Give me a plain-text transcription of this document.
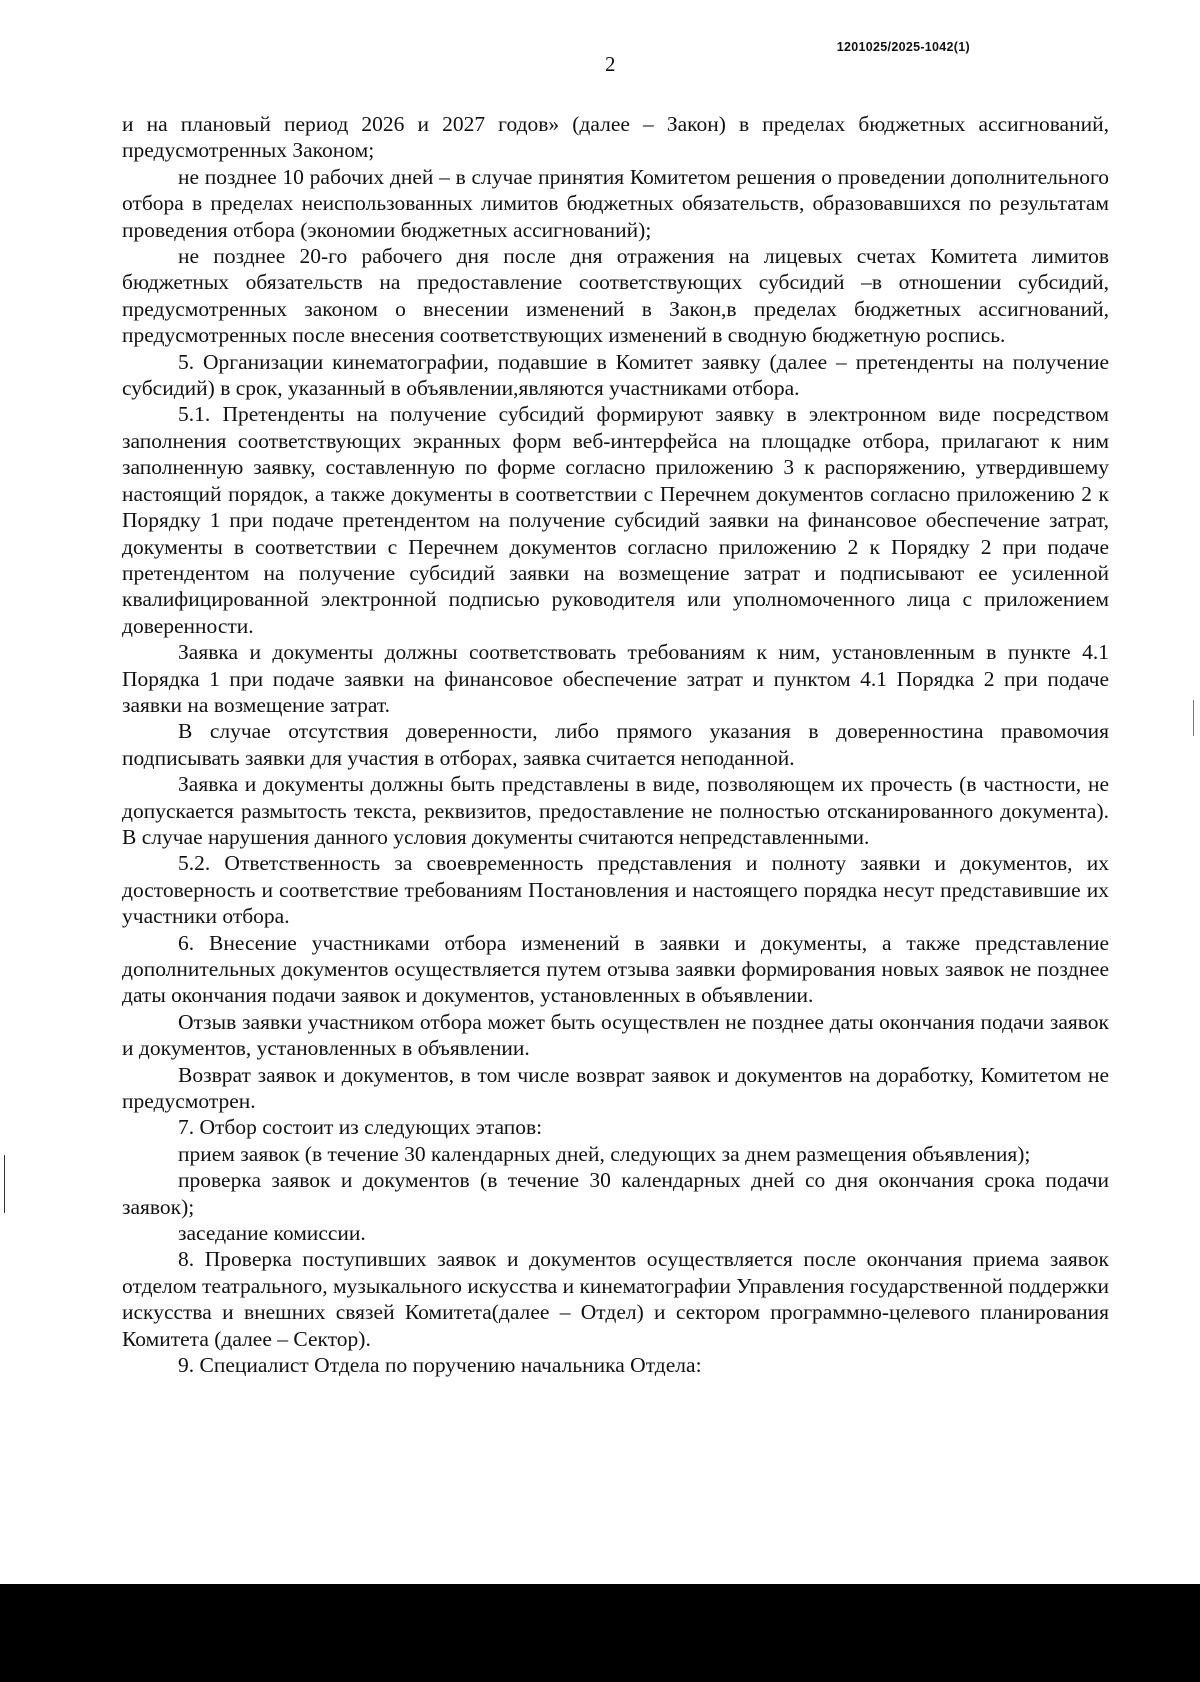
1201025/2025-1042(1)
2

и на плановый период 2026 и 2027 годов» (далее – Закон) в пределах бюджетных ассигнований, предусмотренных Законом;

не позднее 10 рабочих дней – в случае принятия Комитетом решения о проведении дополнительного отбора в пределах неиспользованных лимитов бюджетных обязательств, образовавшихся по результатам проведения отбора (экономии бюджетных ассигнований);

не позднее 20-го рабочего дня после дня отражения на лицевых счетах Комитета лимитов бюджетных обязательств на предоставление соответствующих субсидий –в отношении субсидий, предусмотренных законом о внесении изменений в Закон,в пределах бюджетных ассигнований, предусмотренных после внесения соответствующих изменений в сводную бюджетную роспись.

5. Организации кинематографии, подавшие в Комитет заявку (далее – претенденты на получение субсидий) в срок, указанный в объявлении,являются участниками отбора.

5.1. Претенденты на получение субсидий формируют заявку в электронном виде посредством заполнения соответствующих экранных форм веб-интерфейса на площадке отбора, прилагают к ним заполненную заявку, составленную по форме согласно приложению 3 к распоряжению, утвердившему настоящий порядок, а также документы в соответствии с Перечнем документов согласно приложению 2 к Порядку 1 при подаче претендентом на получение субсидий заявки на финансовое обеспечение затрат, документы в соответствии с Перечнем документов согласно приложению 2 к Порядку 2 при подаче претендентом на получение субсидий заявки на возмещение затрат и подписывают ее усиленной квалифицированной электронной подписью руководителя или уполномоченного лица с приложением доверенности.

Заявка и документы должны соответствовать требованиям к ним, установленным в пункте 4.1 Порядка 1 при подаче заявки на финансовое обеспечение затрат и пунктом 4.1 Порядка 2 при подаче заявки на возмещение затрат.

В случае отсутствия доверенности, либо прямого указания в доверенностина правомочия подписывать заявки для участия в отборах, заявка считается неподанной.

Заявка и документы должны быть представлены в виде, позволяющем их прочесть (в частности, не допускается размытость текста, реквизитов, предоставление не полностью отсканированного документа). В случае нарушения данного условия документы считаются непредставленными.

5.2. Ответственность за своевременность представления и полноту заявки и документов, их достоверность и соответствие требованиям Постановления и настоящего порядка несут представившие их участники отбора.

6. Внесение участниками отбора изменений в заявки и документы, а также представление дополнительных документов осуществляется путем отзыва заявки формирования новых заявок не позднее даты окончания подачи заявок и документов, установленных в объявлении.

Отзыв заявки участником отбора может быть осуществлен не позднее даты окончания подачи заявок и документов, установленных в объявлении.

Возврат заявок и документов, в том числе возврат заявок и документов на доработку, Комитетом не предусмотрен.

7. Отбор состоит из следующих этапов:

прием заявок (в течение 30 календарных дней, следующих за днем размещения объявления);

проверка заявок и документов (в течение 30 календарных дней со дня окончания срока подачи заявок);

заседание комиссии.

8. Проверка поступивших заявок и документов осуществляется после окончания приема заявок отделом театрального, музыкального искусства и кинематографии Управления государственной поддержки искусства и внешних связей Комитета(далее – Отдел) и сектором программно-целевого планирования Комитета (далее – Сектор).

9. Специалист Отдела по поручению начальника Отдела:
